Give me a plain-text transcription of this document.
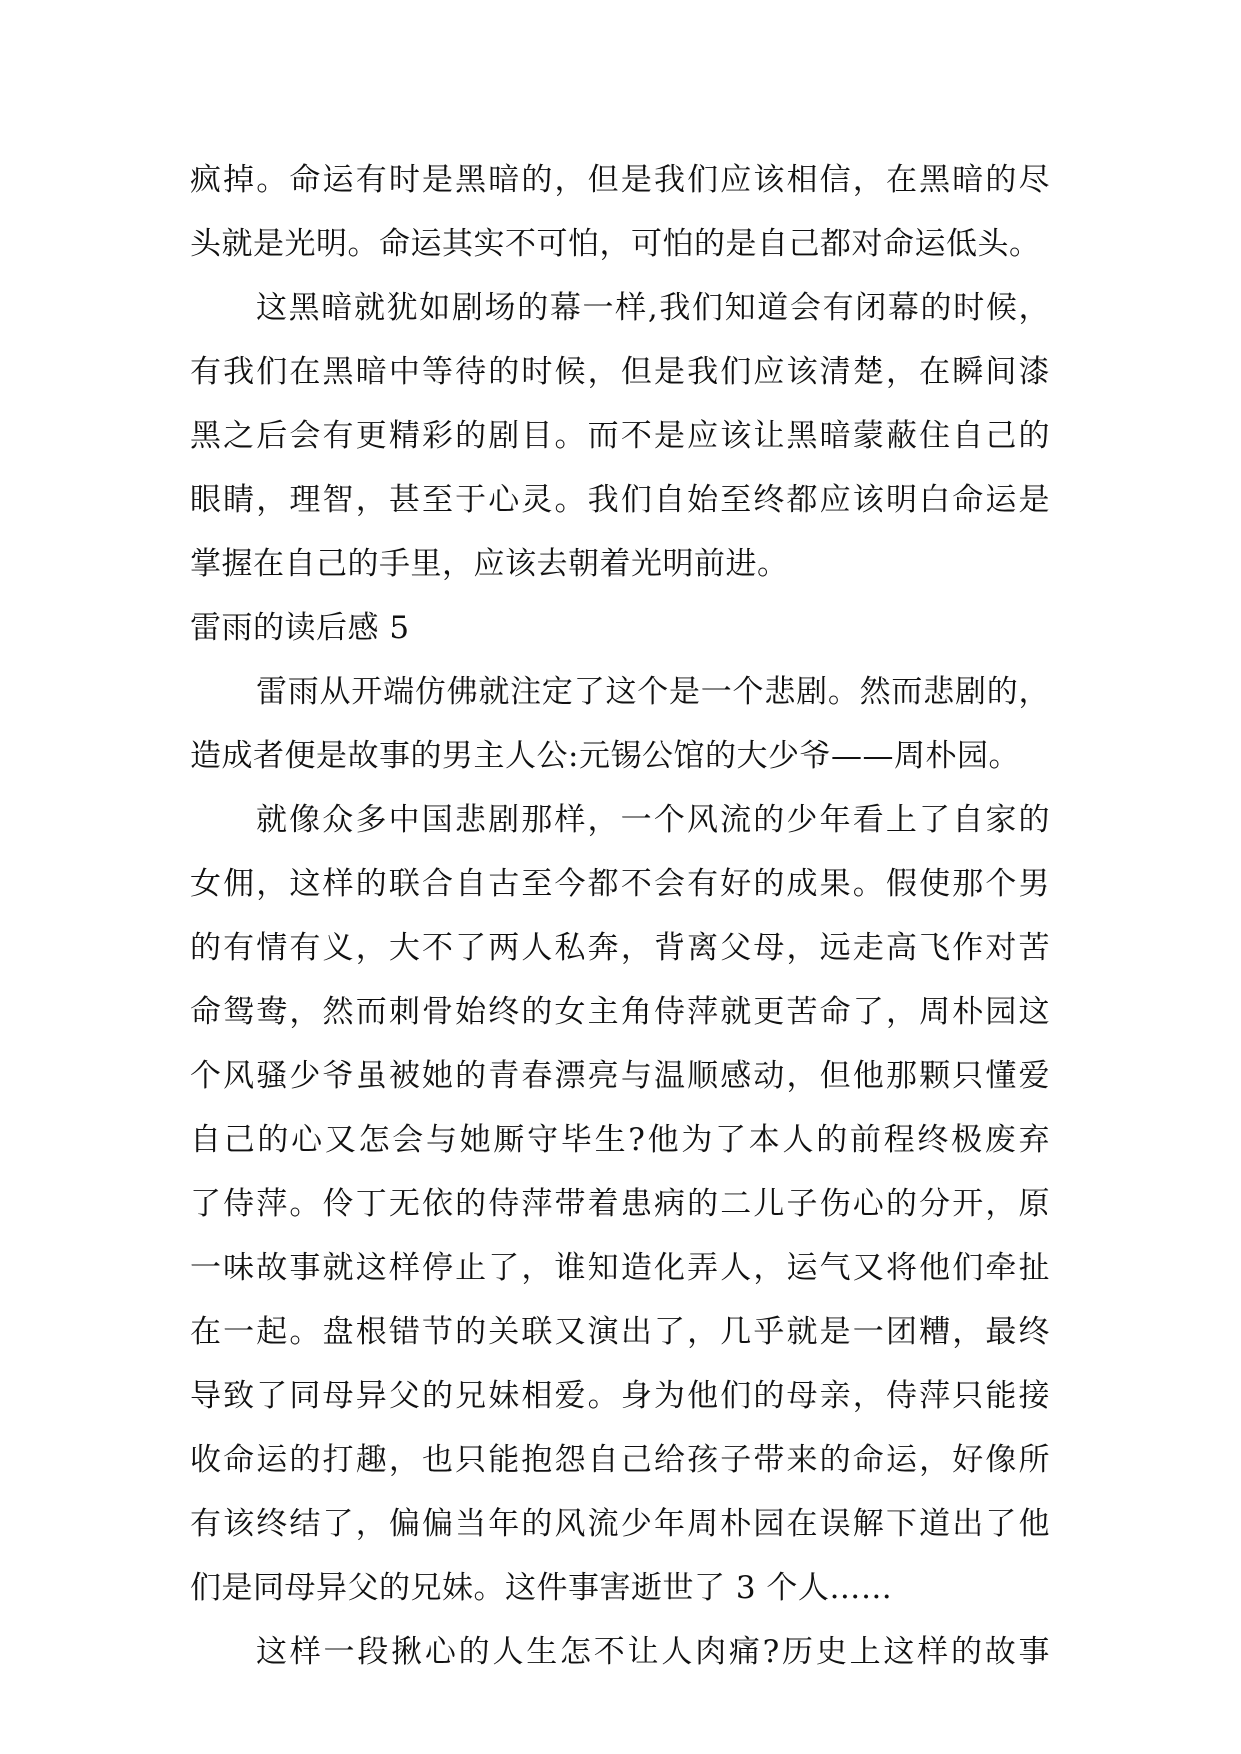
疯掉。命运有时是黑暗的，但是我们应该相信，在黑暗的尽
头就是光明。命运其实不可怕，可怕的是自己都对命运低头。
这黑暗就犹如剧场的幕一样,我们知道会有闭幕的时候，
有我们在黑暗中等待的时候，但是我们应该清楚，在瞬间漆
黑之后会有更精彩的剧目。而不是应该让黑暗蒙蔽住自己的
眼睛，理智，甚至于心灵。我们自始至终都应该明白命运是
掌握在自己的手里，应该去朝着光明前进。
雷雨的读后感 5
雷雨从开端仿佛就注定了这个是一个悲剧。然而悲剧的，
造成者便是故事的男主人公:元锡公馆的大少爷——周朴园。
就像众多中国悲剧那样，一个风流的少年看上了自家的
女佣，这样的联合自古至今都不会有好的成果。假使那个男
的有情有义，大不了两人私奔，背离父母，远走高飞作对苦
命鸳鸯，然而刺骨始终的女主角侍萍就更苦命了，周朴园这
个风骚少爷虽被她的青春漂亮与温顺感动，但他那颗只懂爱
自己的心又怎会与她厮守毕生?他为了本人的前程终极废弃
了侍萍。伶丁无依的侍萍带着患病的二儿子伤心的分开，原
一味故事就这样停止了，谁知造化弄人，运气又将他们牵扯
在一起。盘根错节的关联又演出了，几乎就是一团糟，最终
导致了同母异父的兄妹相爱。身为他们的母亲，侍萍只能接
收命运的打趣，也只能抱怨自己给孩子带来的命运，好像所
有该终结了，偏偏当年的风流少年周朴园在误解下道出了他
们是同母异父的兄妹。这件事害逝世了 3 个人……
这样一段揪心的人生怎不让人肉痛?历史上这样的故事
